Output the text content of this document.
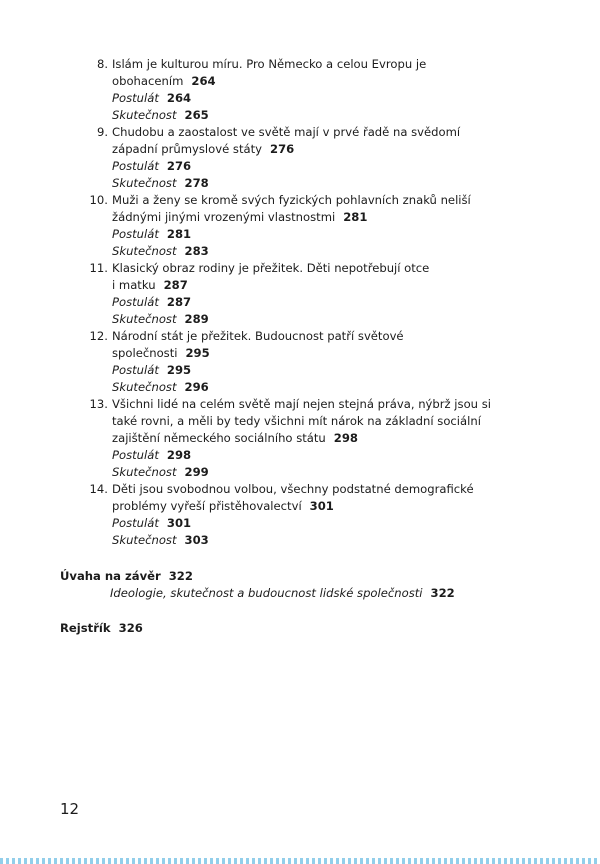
8. Islám je kulturou míru. Pro Německo a celou Evropu je
obohacením 264
Postulát 264
Skutečnost 265
9. Chudobu a zaostalost ve světě mají v prvé řadě na svědomí
západní průmyslové státy 276
Postulát 276
Skutečnost 278
10. Muži a ženy se kromě svých fyzických pohlavních znaků neliší
žádnými jinými vrozenými vlastnostmi 281
Postulát 281
Skutečnost 283
11. Klasický obraz rodiny je přežitek. Děti nepotřebují otce
i matku 287
Postulát 287
Skutečnost 289
12. Národní stát je přežitek. Budoucnost patří světové
společnosti 295
Postulát 295
Skutečnost 296
13. Všichni lidé na celém světě mají nejen stejná práva, nýbrž jsou si
také rovni, a měli by tedy všichni mít nárok na základní sociální
zajištění německého sociálního státu 298
Postulát 298
Skutečnost 299
14. Děti jsou svobodnou volbou, všechny podstatné demografické
problémy vyřeší přistěhovalectví 301
Postulát 301
Skutečnost 303
Úvaha na závěr 322
Ideologie, skutečnost a budoucnost lidské společnosti 322
Rejstřík 326
12
